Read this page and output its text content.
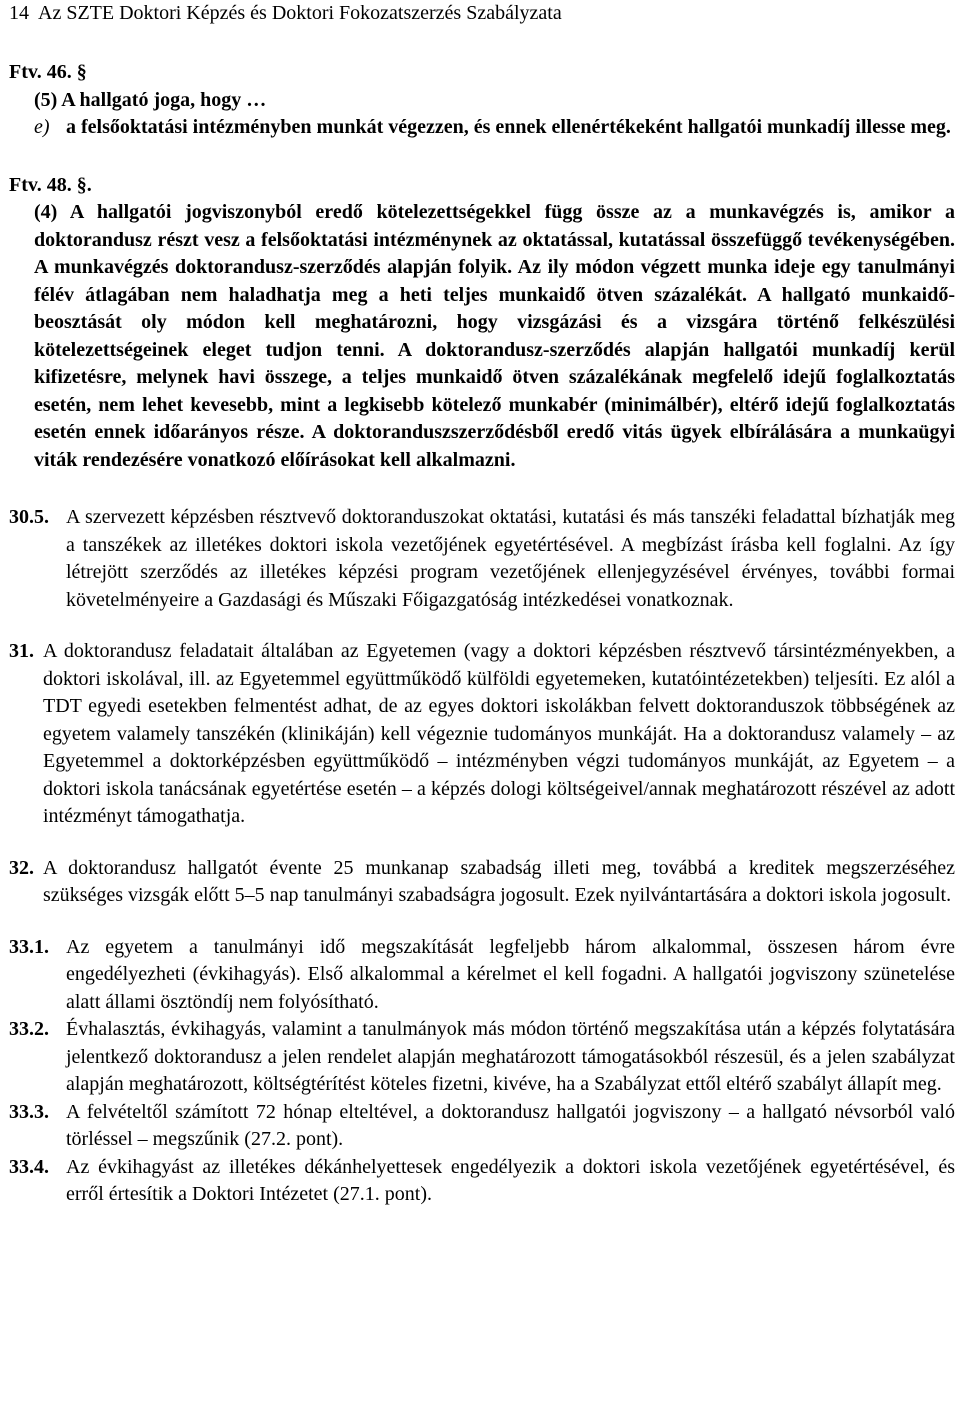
14 Az SZTE Doktori Képzés és Doktori Fokozatszerzés Szabályzata

Ftv. 46. §

(5) A hallgató joga, hogy …

e) a felsőoktatási intézményben munkát végezzen, és ennek ellenértékeként hallgatói munkadíj illesse meg.

Ftv. 48. §.

(4) A hallgatói jogviszonyból eredő kötelezettségekkel függ össze az a munkavégzés is, amikor a doktorandusz részt vesz a felsőoktatási intézménynek az oktatással, kutatással összefüggő tevékenységében. A munkavégzés doktorandusz-szerződés alapján folyik. Az ily módon végzett munka ideje egy tanulmányi félév átlagában nem haladhatja meg a heti teljes munkaidő ötven százalékát. A hallgató munkaidő-beosztását oly módon kell meghatározni, hogy vizsgázási és a vizsgára történő felkészülési kötelezettségeinek eleget tudjon tenni. A doktorandusz-szerződés alapján hallgatói munkadíj kerül kifizetésre, melynek havi összege, a teljes munkaidő ötven százalékának megfelelő idejű foglalkoztatás esetén, nem lehet kevesebb, mint a legkisebb kötelező munkabér (minimálbér), eltérő idejű foglalkoztatás esetén ennek időarányos része. A doktoranduszszerződésből eredő vitás ügyek elbírálására a munkaügyi viták rendezésére vonatkozó előírásokat kell alkalmazni.

30.5. A szervezett képzésben résztvevő doktoranduszokat oktatási, kutatási és más tanszéki feladattal bízhatják meg a tanszékek az illetékes doktori iskola vezetőjének egyetértésével. A megbízást írásba kell foglalni. Az így létrejött szerződés az illetékes képzési program vezetőjének ellenjegyzésével érvényes, további formai követelményeire a Gazdasági és Műszaki Főigazgatóság intézkedései vonatkoznak.
31. A doktorandusz feladatait általában az Egyetemen (vagy a doktori képzésben résztvevő társintézményekben, a doktori iskolával, ill. az Egyetemmel együttműködő külföldi egyetemeken, kutatóintézetekben) teljesíti. Ez alól a TDT egyedi esetekben felmentést adhat, de az egyes doktori iskolákban felvett doktoranduszok többségének az egyetem valamely tanszékén (klinikáján) kell végeznie tudományos munkáját. Ha a doktorandusz valamely – az Egyetemmel a doktorképzésben együttműködő – intézményben végzi tudományos munkáját, az Egyetem – a doktori iskola tanácsának egyetértése esetén – a képzés dologi költségeivel/annak meghatározott részével az adott intézményt támogathatja.
32. A doktorandusz hallgatót évente 25 munkanap szabadság illeti meg, továbbá a kreditek megszerzéséhez szükséges vizsgák előtt 5–5 nap tanulmányi szabadságra jogosult. Ezek nyilvántartására a doktori iskola jogosult.
33.1. Az egyetem a tanulmányi idő megszakítását legfeljebb három alkalommal, összesen három évre engedélyezheti (évkihagyás). Első alkalommal a kérelmet el kell fogadni. A hallgatói jogviszony szünetelése alatt állami ösztöndíj nem folyósítható.
33.2. Évhalasztás, évkihagyás, valamint a tanulmányok más módon történő megszakítása után a képzés folytatására jelentkező doktorandusz a jelen rendelet alapján meghatározott támogatásokból részesül, és a jelen szabályzat alapján meghatározott, költségtérítést köteles fizetni, kivéve, ha a Szabályzat ettől eltérő szabályt állapít meg.
33.3. A felvételtől számított 72 hónap elteltével, a doktorandusz hallgatói jogviszony – a hallgató névsorból való törléssel – megszűnik (27.2. pont).
33.4. Az évkihagyást az illetékes dékánhelyettesek engedélyezik a doktori iskola vezetőjének egyetértésével, és erről értesítik a Doktori Intézetet (27.1. pont).
